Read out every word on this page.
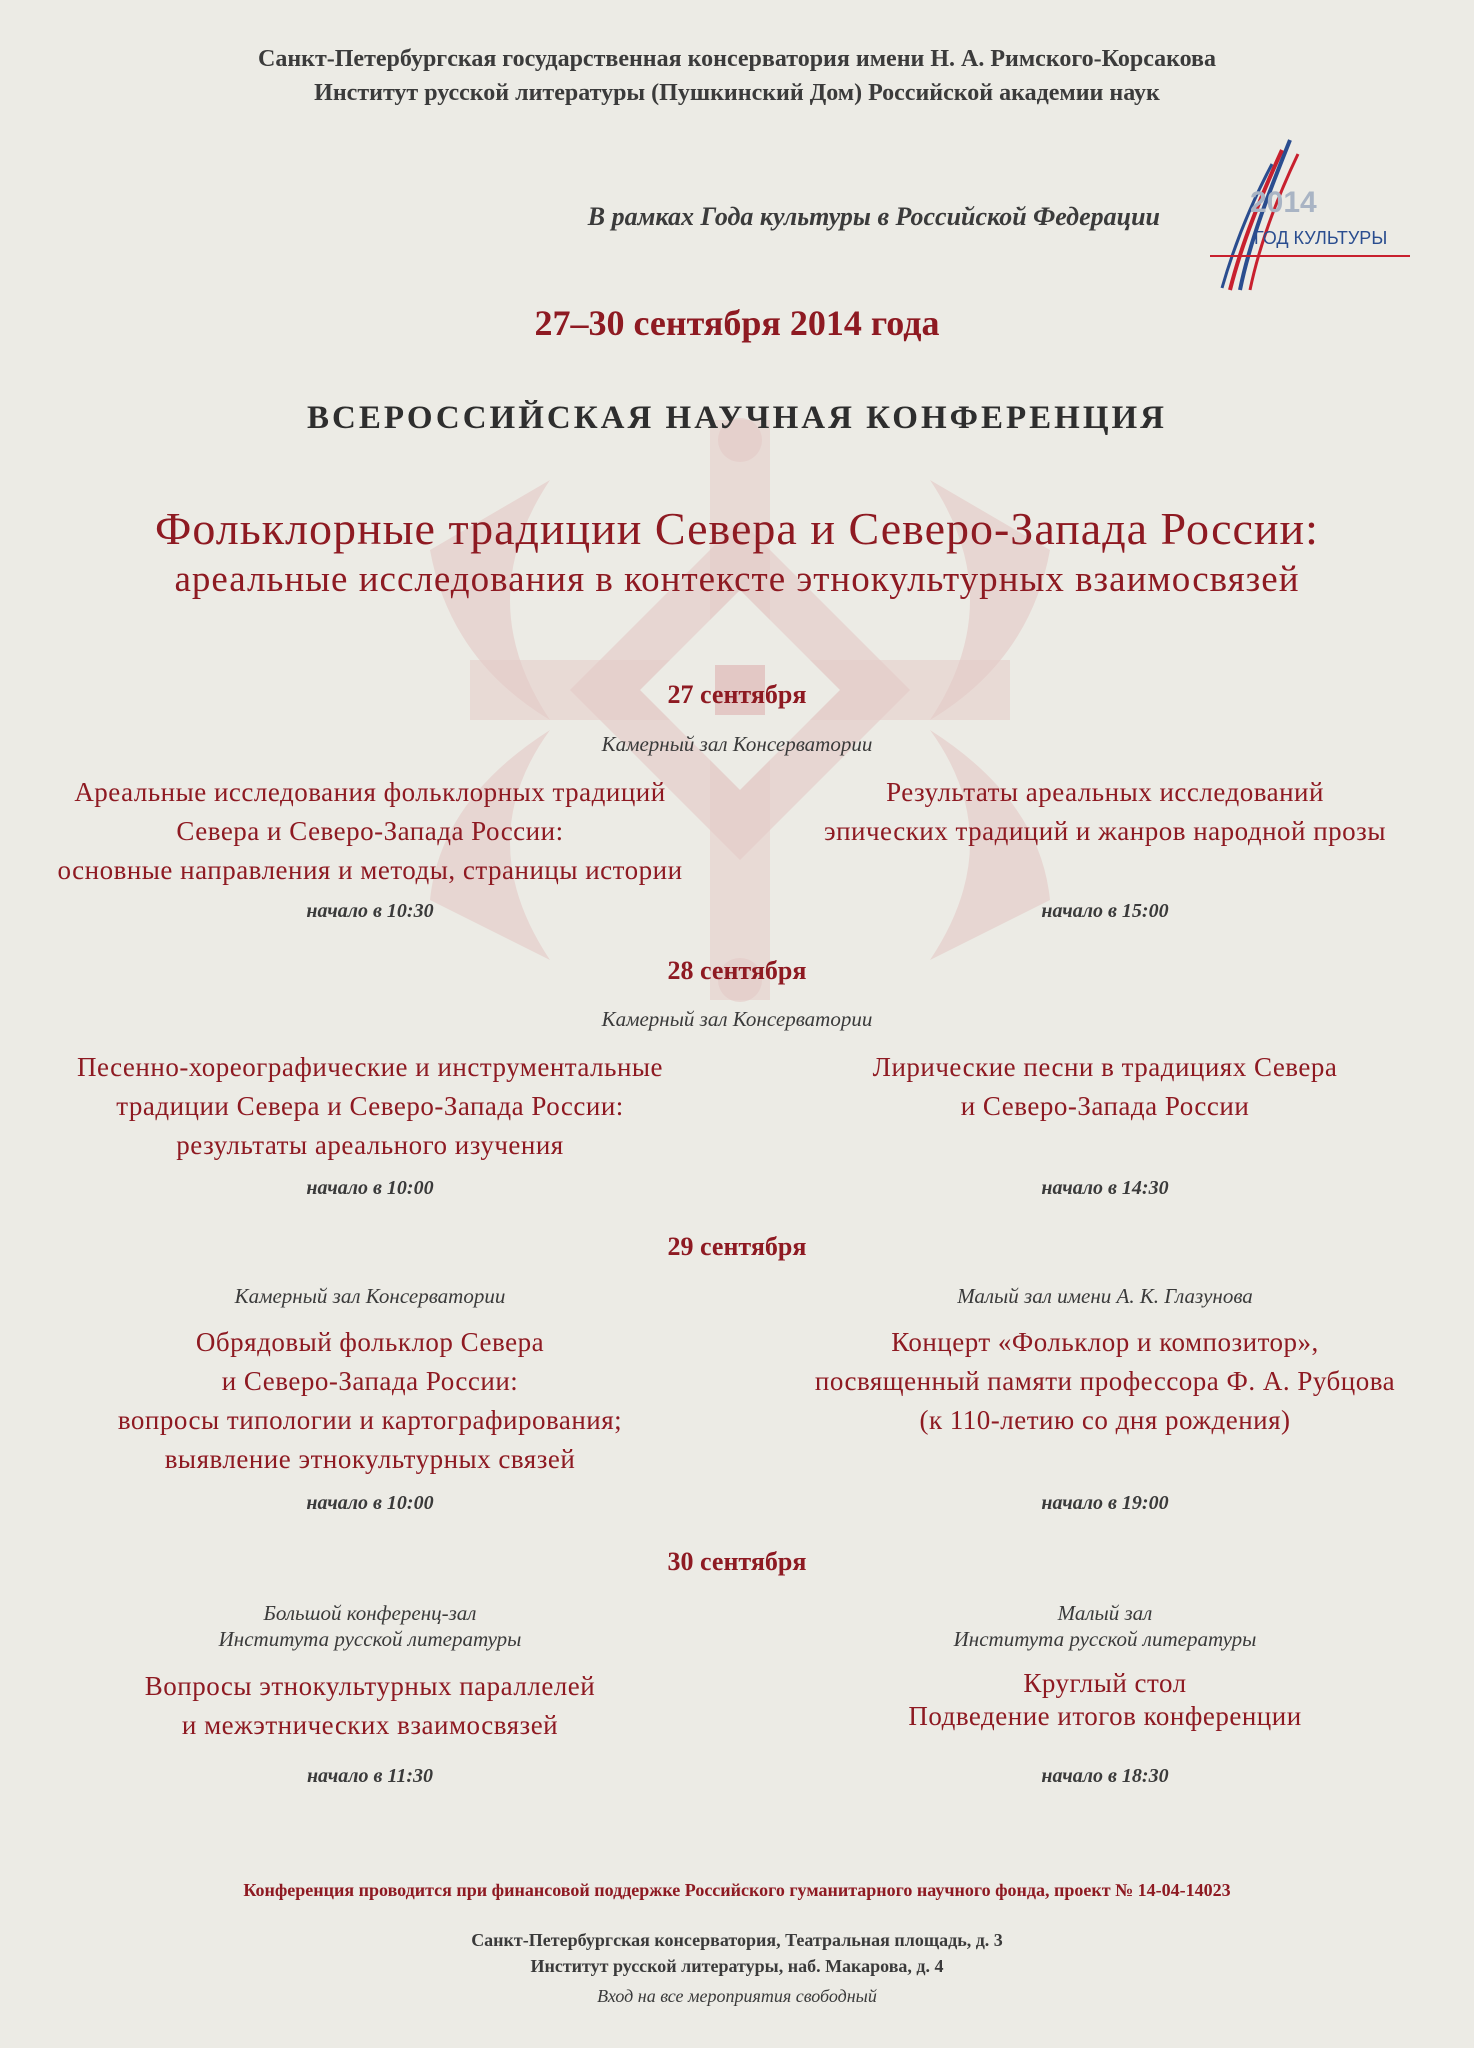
Санкт-Петербургская государственная консерватория имени Н. А. Римского-Корсакова
Институт русской литературы (Пушкинский Дом) Российской академии наук
В рамках Года культуры в Российской Федерации	2014
ГОД КУЛЬТУРЫ
27–30 сентября 2014 года
ВСЕРОССИЙСКАЯ НАУЧНАЯ КОНФЕРЕНЦИЯ
Фольклорные традиции Севера и Северо-Запада России:
ареальные исследования в контексте этнокультурных взаимосвязей
27 сентября
Камерный зал Консерватории
Ареальные исследования фольклорных традиций
Севера и Северо-Запада России:
основные направления и методы, страницы истории
начало в 10:30
Результаты ареальных исследований
эпических традиций и жанров народной прозы
начало в 15:00
28 сентября
Камерный зал Консерватории
Песенно-хореографические и инструментальные
традиции Севера и Северо-Запада России:
результаты ареального изучения
начало в 10:00
Лирические песни в традициях Севера
и Северо-Запада России
начало в 14:30
29 сентября
Камерный зал Консерватории
Обрядовый фольклор Севера
и Северо-Запада России:
вопросы типологии и картографирования;
выявление этнокультурных связей
начало в 10:00
Малый зал имени А. К. Глазунова
Концерт «Фольклор и композитор»,
посвященный памяти профессора Ф. А. Рубцова
(к 110-летию со дня рождения)
начало в 19:00
30 сентября
Большой конференц-зал
Института русской литературы
Вопросы этнокультурных параллелей
и межэтнических взаимосвязей
начало в 11:30
Малый зал
Института русской литературы
Круглый стол
Подведение итогов конференции
начало в 18:30
Конференция проводится при финансовой поддержке Российского гуманитарного научного фонда, проект № 14-04-14023
Санкт-Петербургская консерватория, Театральная площадь, д. 3
Институт русской литературы, наб. Макарова, д. 4
Вход на все мероприятия свободный
